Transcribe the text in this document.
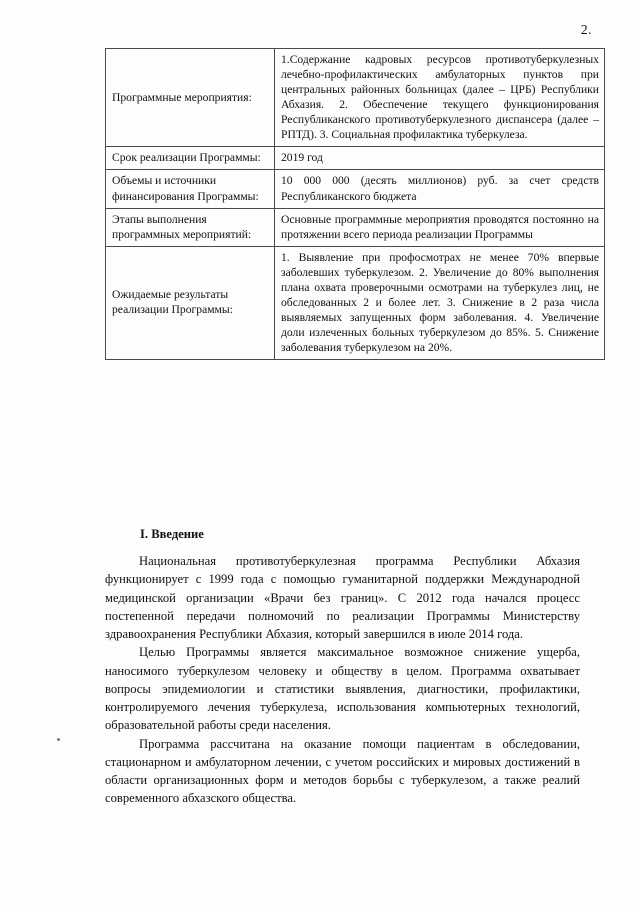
2.
Программные мероприятия:	1.Содержание кадровых ресурсов противотуберкулезных лечебно-профилактических амбулаторных пунктов при центральных районных больницах (далее – ЦРБ) Республики Абхазия. 2. Обеспечение текущего функционирования Республиканского противотуберкулезного диспансера (далее – РПТД). 3. Социальная профилактика туберкулеза.
Срок реализации Программы:	2019 год
Объемы и источники финансирования Программы:	10 000 000 (десять миллионов) руб. за счет средств Республиканского бюджета
Этапы выполнения программных мероприятий:	Основные программные мероприятия проводятся постоянно на протяжении всего периода реализации Программы
Ожидаемые результаты реализации Программы:	1. Выявление при профосмотрах не менее 70% впервые заболевших туберкулезом. 2. Увеличение до 80% выполнения плана охвата проверочными осмотрами на туберкулез лиц, не обследованных 2 и более лет. 3. Снижение в 2 раза числа выявляемых запущенных форм заболевания. 4. Увеличение доли излеченных больных туберкулезом до 85%. 5. Снижение заболевания туберкулезом на 20%.
I. Введение

Национальная противотуберкулезная программа Республики Абхазия функционирует с 1999 года с помощью гуманитарной поддержки Международной медицинской организации «Врачи без границ». С 2012 года начался процесс постепенной передачи полномочий по реализации Программы Министерству здравоохранения Республики Абхазия, который завершился в июле 2014 года.

Целью Программы является максимальное возможное снижение ущерба, наносимого туберкулезом человеку и обществу в целом. Программа охватывает вопросы эпидемиологии и статистики выявления, диагностики, профилактики, контролируемого лечения туберкулеза, использования компьютерных технологий, образовательной работы среди населения.

Программа рассчитана на оказание помощи пациентам в обследовании, стационарном и амбулаторном лечении, с учетом российских и мировых достижений в области организационных форм и методов борьбы с туберкулезом, а также реалий современного абхазского общества.
